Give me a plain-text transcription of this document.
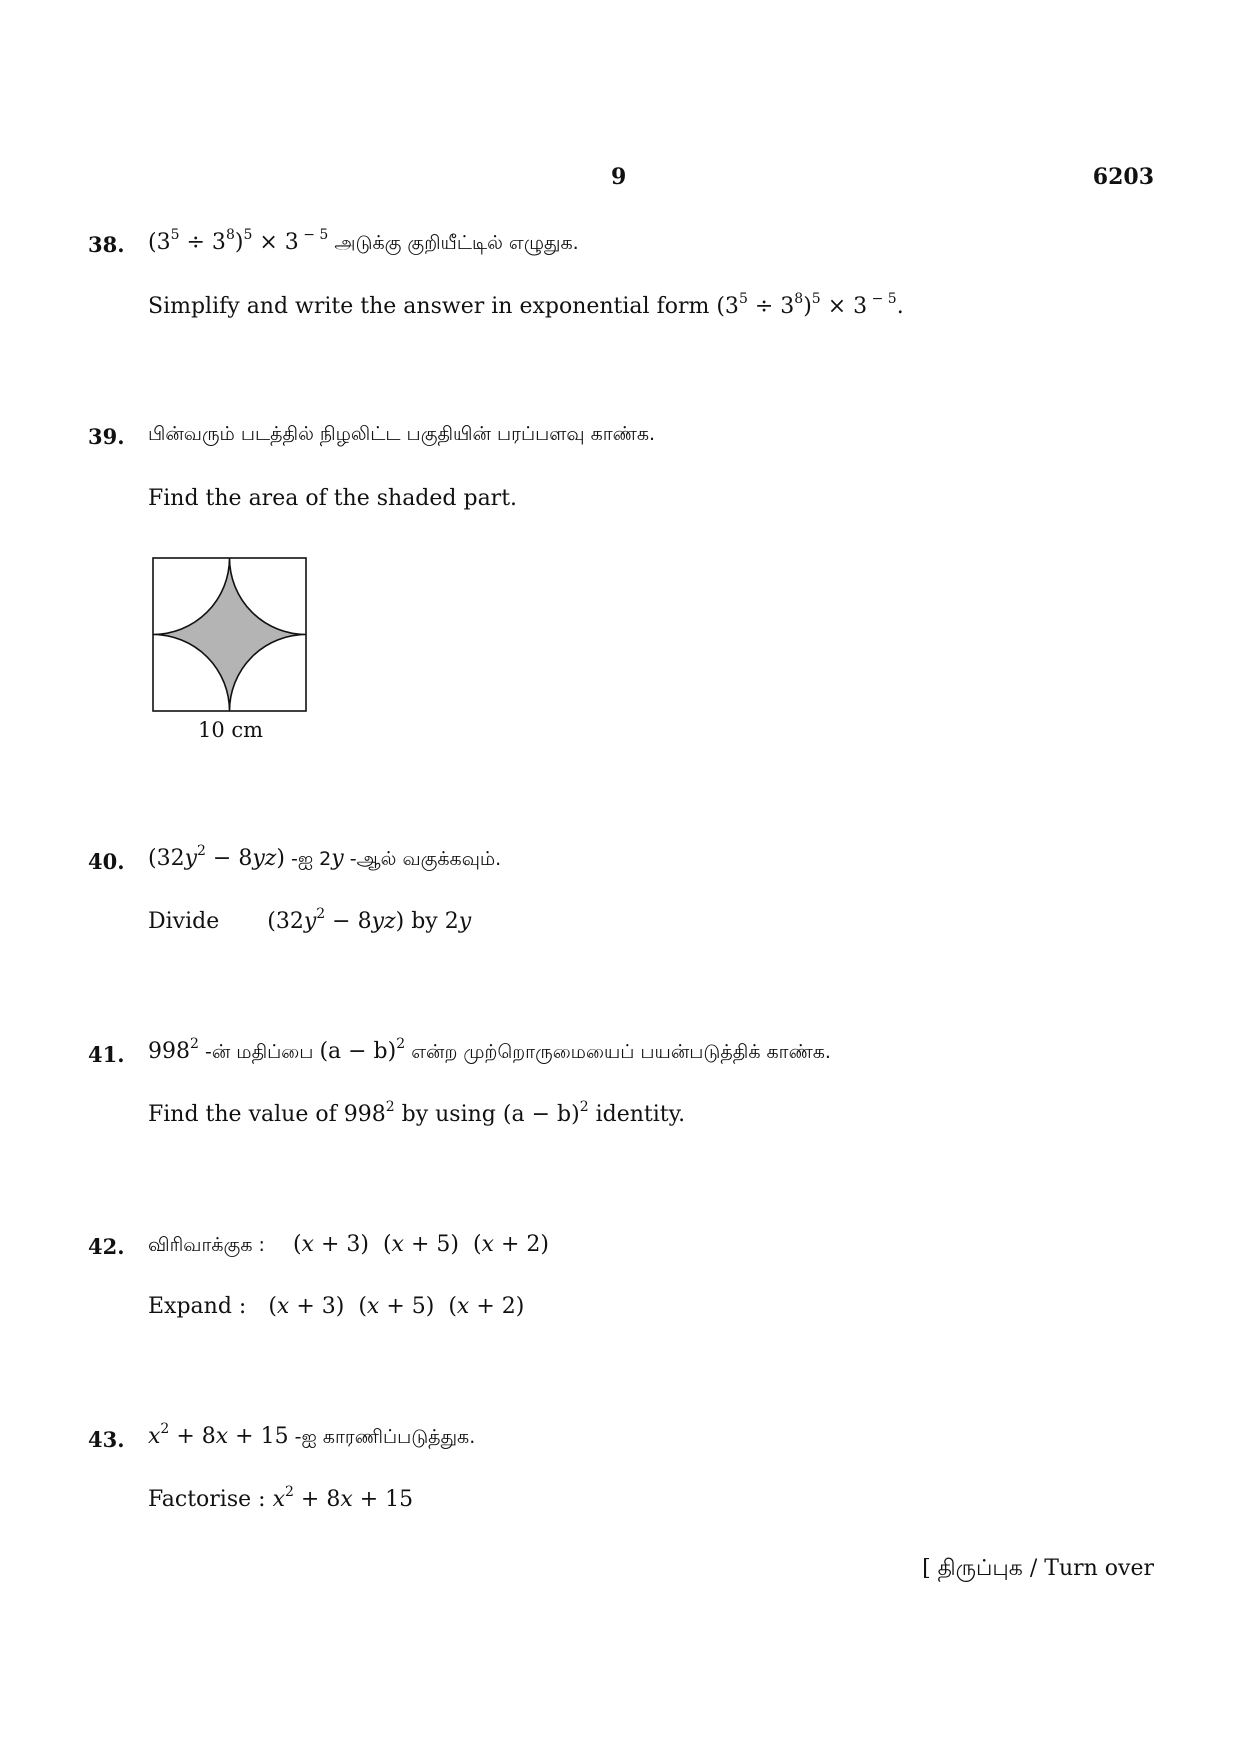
9	6203
38. $(3^5 \div 3^8)^5 \times 3$ $^{- 5}$ அடுக்கு குறியீட்டில் எழுதுக.
Simplify and write the answer in exponential form $(3^5 \div 3^8)^5 \times 3$ $^{- 5}$.
39. பின்வரும் படத்தில் நிழலிட்ட பகுதியின் பரப்பளவு காண்க.
Find the area of the shaded part.
10 cm
40. $(32y^2 - 8yz)$ -ஐ 2y -ஆல் வகுக்கவும்.
Divide $(32y^2 - 8yz)$ by 2y
41. $998^2$ -ன் மதிப்பை $(a - b)^2$ என்ற முற்றொருமையைப் பயன்படுத்திக் காண்க.
Find the value of $998^2$ by using $(a - b)^2$ identity.
42. விரிவாக்குக : (x + 3)  (x + 5)  (x + 2)
Expand : (x + 3)  (x + 5)  (x + 2)
43. $x^2 + 8x + 15$ -ஐ காரணிப்படுத்துக.
Factorise : $x^2 + 8x + 15$
[ திருப்புக / Turn over
